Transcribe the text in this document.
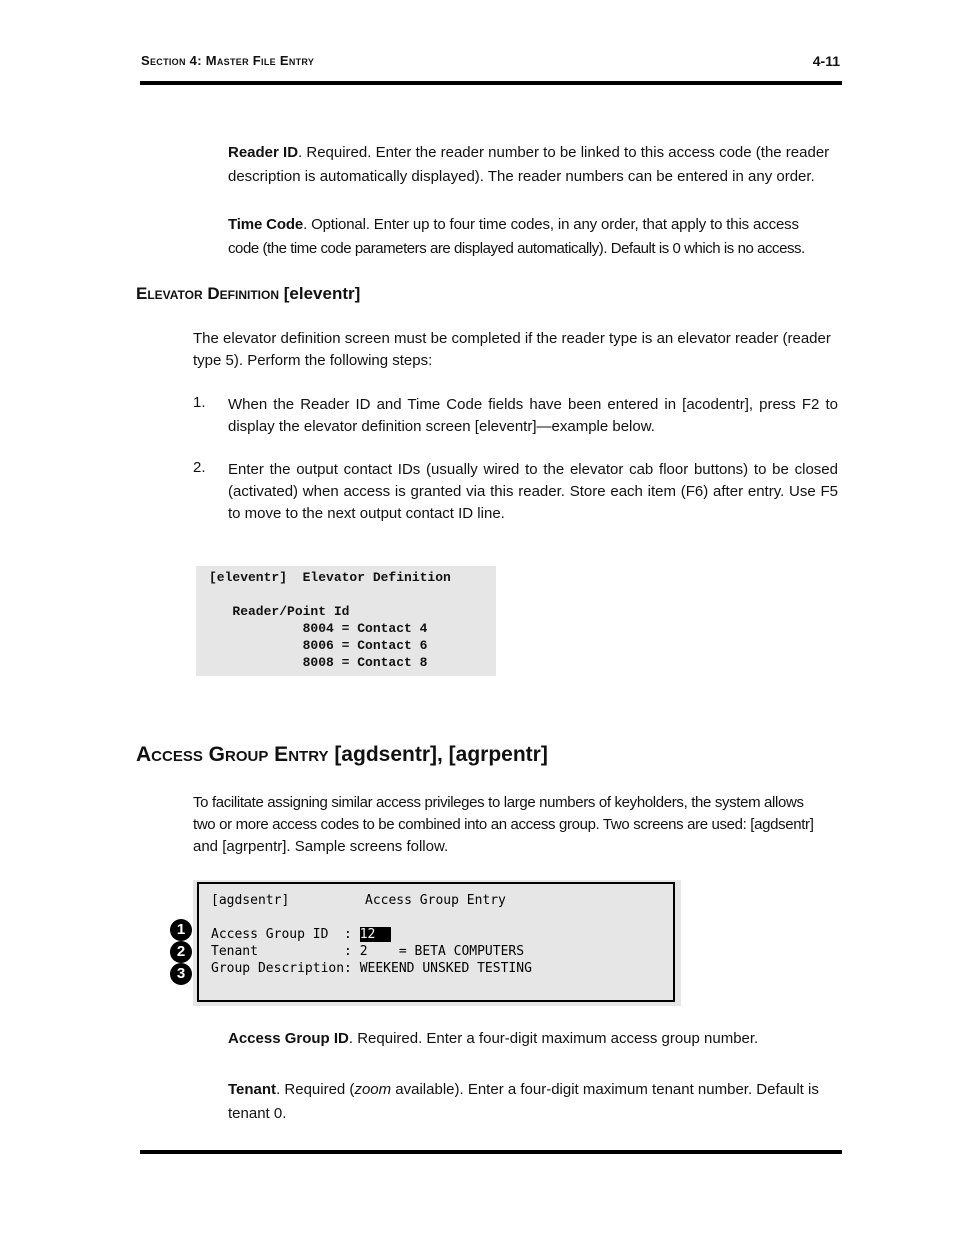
Section 4: Master File Entry	4-11
Reader ID. Required. Enter the reader number to be linked to this access code (the reader
description is automatically displayed). The reader numbers can be entered in any order.
Time Code. Optional. Enter up to four time codes, in any order, that apply to this access
code (the time code parameters are displayed automatically). Default is 0 which is no access.
Elevator Definition [eleventr]
The elevator definition screen must be completed if the reader type is an elevator reader (reader
type 5). Perform the following steps:
1. When the Reader ID and Time Code fields have been entered in [acodentr], press F2 to display the elevator definition screen [eleventr]—example below.
2. Enter the output contact IDs (usually wired to the elevator cab floor buttons) to be closed (activated) when access is granted via this reader. Store each item (F6) after entry. Use F5 to move to the next output contact ID line.
[eleventr]  Elevator Definition
Reader/Point Id
8004 = Contact 4
8006 = Contact 6
8008 = Contact 8
Access Group Entry [agdsentr], [agrpentr]
To facilitate assigning similar access privileges to large numbers of keyholders, the system allows
two or more access codes to be combined into an access group. Two screens are used: [agdsentr]
and [agrpentr]. Sample screens follow.
[agdsentr]	Access Group Entry
Access Group ID  : 12
Tenant           : 2    = BETA COMPUTERS
Group Description: WEEKEND UNSKED TESTING
1
2
3
Access Group ID. Required. Enter a four-digit maximum access group number.
Tenant. Required (zoom available). Enter a four-digit maximum tenant number. Default is
tenant 0.
